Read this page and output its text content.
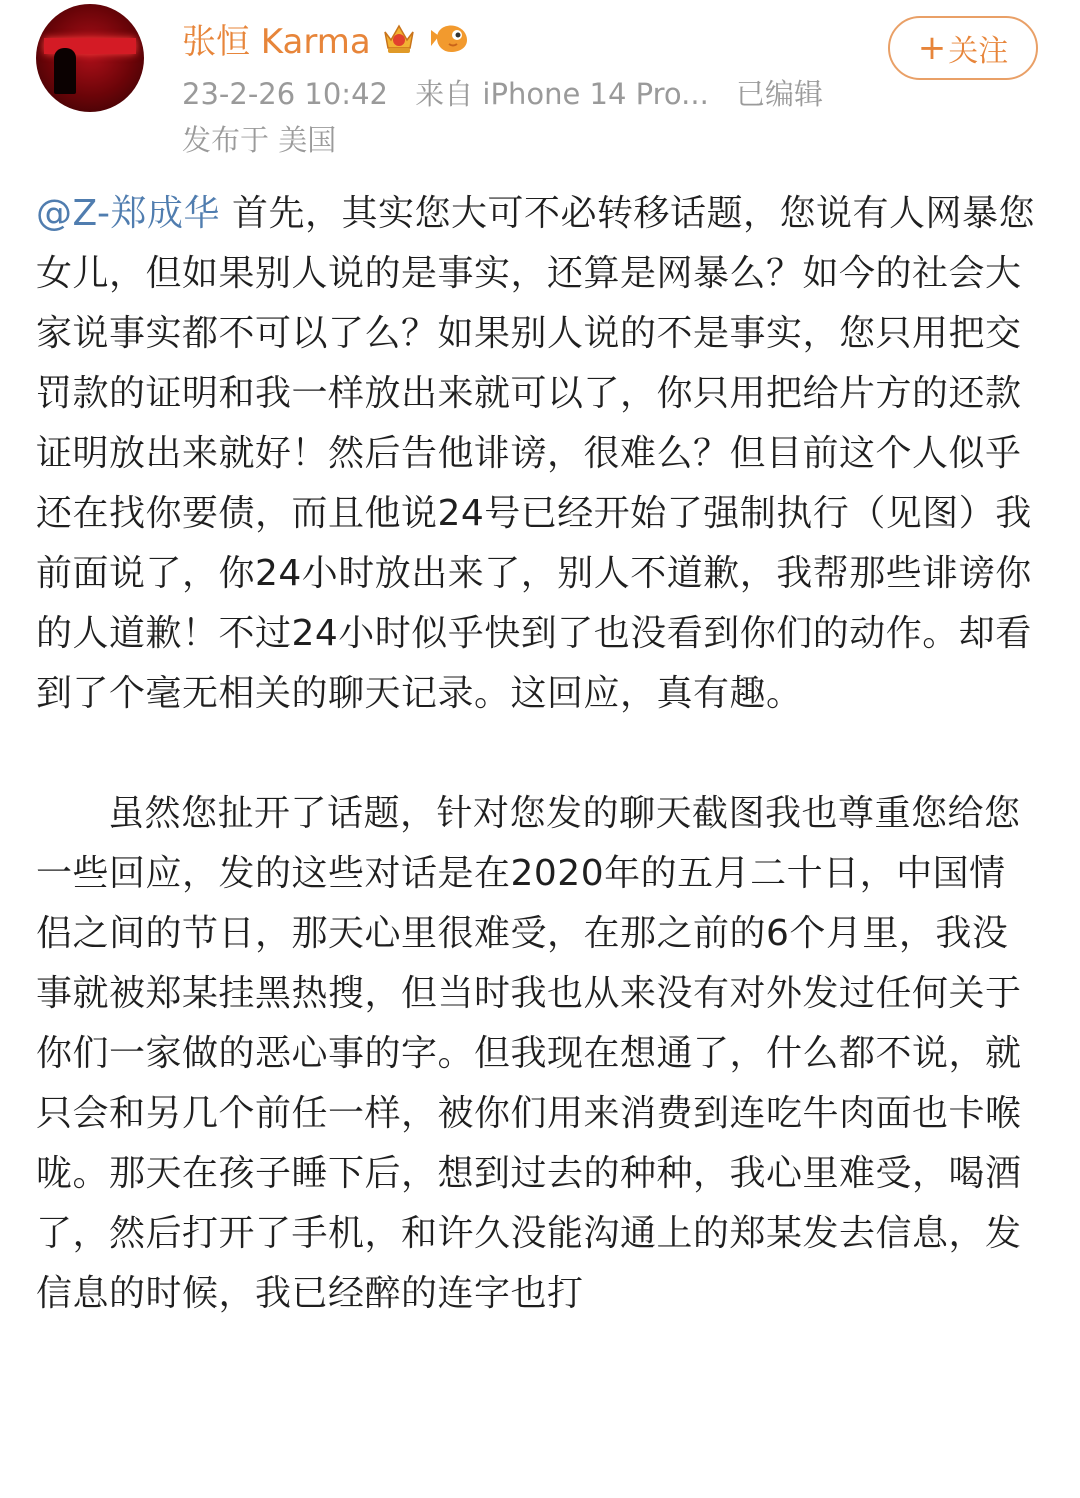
张恒 Karma
23-2-26 10:42 来自 iPhone 14 Pro... 已编辑
发布于 美国
+ 关注

@Z-郑成华 首先，其实您大可不必转移话题，您说有人网暴您女儿，但如果别人说的是事实，还算是网暴么？如今的社会大家说事实都不可以了么？如果别人说的不是事实，您只用把交罚款的证明和我一样放出来就可以了，你只用把给片方的还款证明放出来就好！然后告他诽谤，很难么？但目前这个人似乎还在找你要债，而且他说24号已经开始了强制执行（见图）我前面说了，你24小时放出来了，别人不道歉，我帮那些诽谤你的人道歉！不过24小时似乎快到了也没看到你们的动作。却看到了个毫无相关的聊天记录。这回应，真有趣。

虽然您扯开了话题，针对您发的聊天截图我也尊重您给您一些回应，发的这些对话是在2020年的五月二十日，中国情侣之间的节日，那天心里很难受，在那之前的6个月里，我没事就被郑某挂黑热搜，但当时我也从来没有对外发过任何关于你们一家做的恶心事的字。但我现在想通了，什么都不说，就只会和另几个前任一样，被你们用来消费到连吃牛肉面也卡喉咙。那天在孩子睡下后，想到过去的种种，我心里难受，喝酒了，然后打开了手机，和许久没能沟通上的郑某发去信息，发信息的时候，我已经醉的连字也打
